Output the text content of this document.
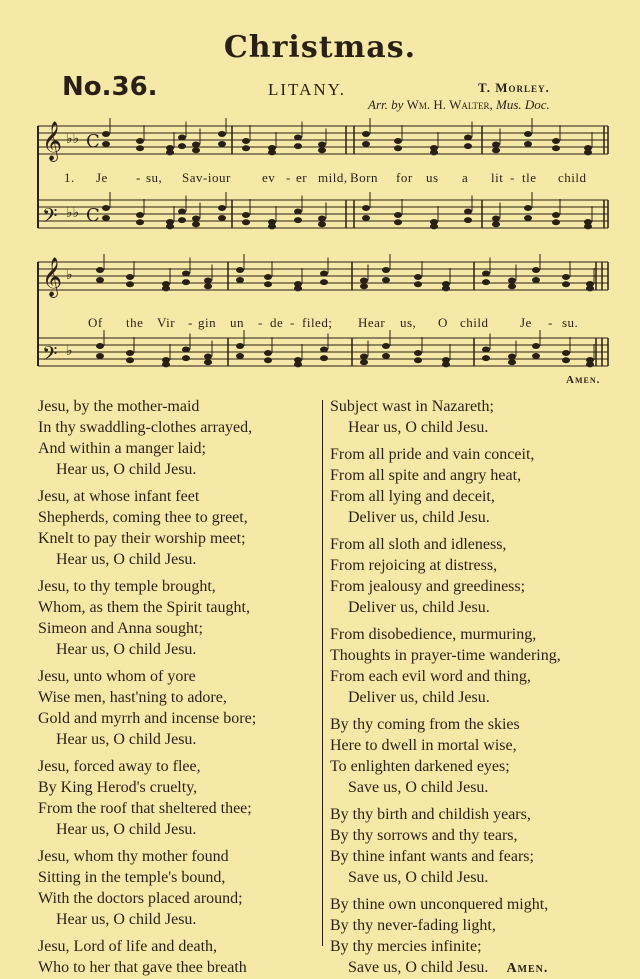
Christmas.
No.36.	LITANY.	T. Morley.
Arr. by Wm. H. Walter, Mus. Doc.
𝄞
𝄢
𝄞
𝄢
♭♭ C
♭♭ C
♭
♭
1. Je - su, Sav-iour ev - er mild, Born for us a lit - tle child
Of the Vir - gin un - de - filed; Hear us, O child Je - su.
Amen.
Jesu, by the mother-maid
In thy swaddling-clothes arrayed,
And within a manger laid;
Hear us, O child Jesu.
Jesu, at whose infant feet
Shepherds, coming thee to greet,
Knelt to pay their worship meet;
Hear us, O child Jesu.
Jesu, to thy temple brought,
Whom, as them the Spirit taught,
Simeon and Anna sought;
Hear us, O child Jesu.
Jesu, unto whom of yore
Wise men, hast'ning to adore,
Gold and myrrh and incense bore;
Hear us, O child Jesu.
Jesu, forced away to flee,
By King Herod's cruelty,
From the roof that sheltered thee;
Hear us, O child Jesu.
Jesu, whom thy mother found
Sitting in the temple's bound,
With the doctors placed around;
Hear us, O child Jesu.
Jesu, Lord of life and death,
Who to her that gave thee breath
Subject wast in Nazareth;
Hear us, O child Jesu.
From all pride and vain conceit,
From all spite and angry heat,
From all lying and deceit,
Deliver us, child Jesu.
From all sloth and idleness,
From rejoicing at distress,
From jealousy and greediness;
Deliver us, child Jesu.
From disobedience, murmuring,
Thoughts in prayer-time wandering,
From each evil word and thing,
Deliver us, child Jesu.
By thy coming from the skies
Here to dwell in mortal wise,
To enlighten darkened eyes;
Save us, O child Jesu.
By thy birth and childish years,
By thy sorrows and thy tears,
By thine infant wants and fears;
Save us, O child Jesu.
By thine own unconquered might,
By thy never-fading light,
By thy mercies infinite;
Save us, O child Jesu. Amen.
